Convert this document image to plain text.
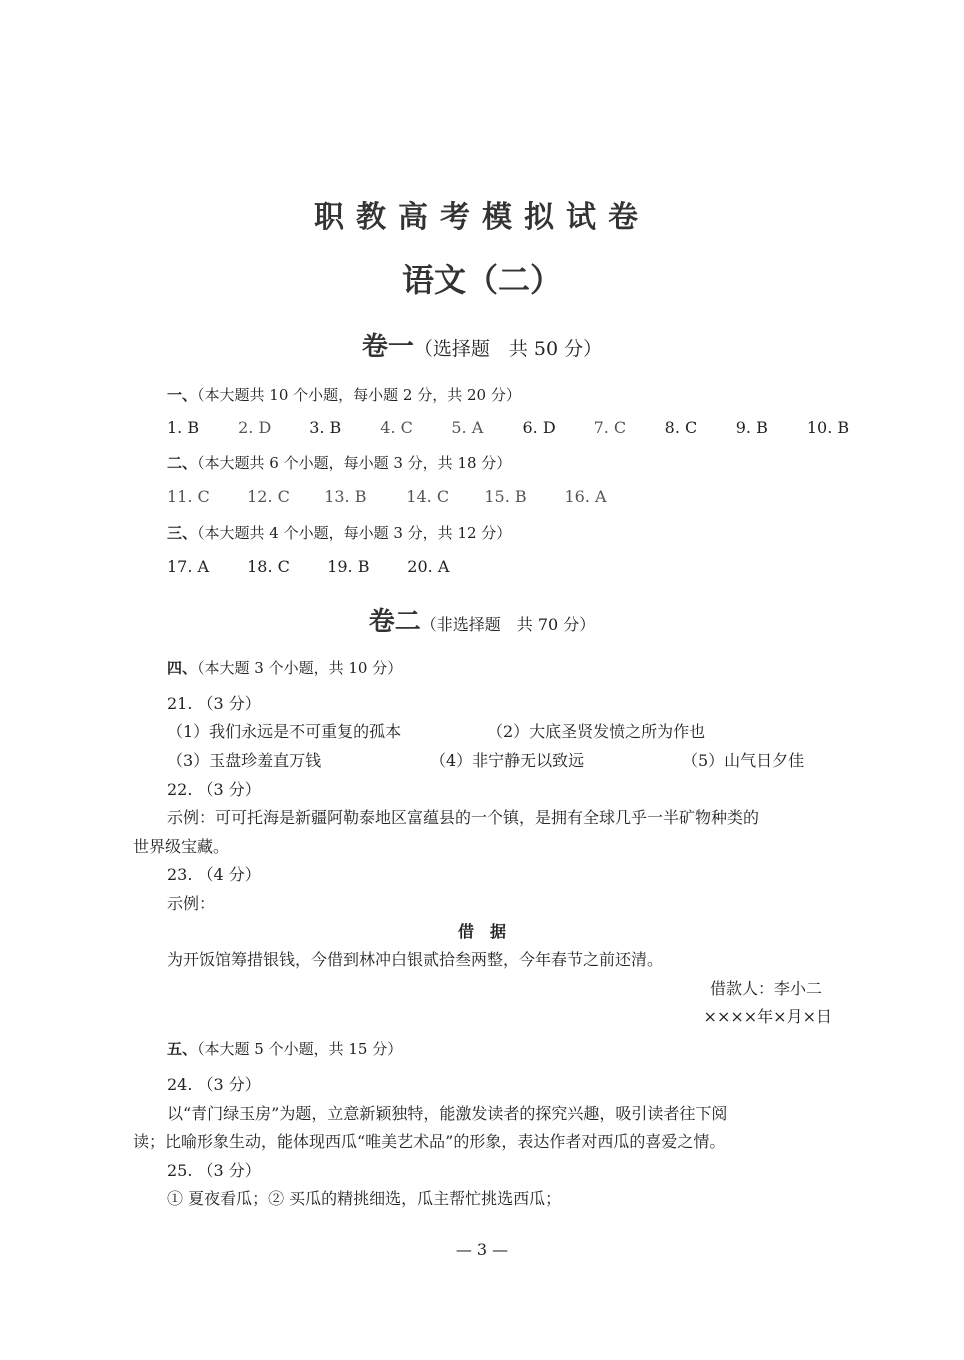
职教高考模拟试卷
语文（二）
卷一（选择题　共 50 分）
一、（本大题共 10 个小题，每小题 2 分，共 20 分）
1. B 2. D 3. B 4. C 5. A 6. D 7. C 8. C 9. B 10. B
二、（本大题共 6 个小题，每小题 3 分，共 18 分）
11. C 12. C 13. B 14. C 15. B 16. A
三、（本大题共 4 个小题，每小题 3 分，共 12 分）
17. A 18. C 19. B 20. A
卷二（非选择题　共 70 分）
四、（本大题 3 个小题，共 10 分）
21. （3 分）
（1）我们永远是不可重复的孤本	（2）大底圣贤发愤之所为作也
（3）玉盘珍羞直万钱	（4）非宁静无以致远	（5）山气日夕佳
22. （3 分）
示例：可可托海是新疆阿勒泰地区富蕴县的一个镇，是拥有全球几乎一半矿物种类的
世界级宝藏。
23. （4 分）
示例：
借　据
为开饭馆筹措银钱，今借到林冲白银贰拾叁两整，今年春节之前还清。
借款人：李小二
××××年×月×日
五、（本大题 5 个小题，共 15 分）
24. （3 分）
以“青门绿玉房”为题，立意新颖独特，能激发读者的探究兴趣，吸引读者往下阅
读；比喻形象生动，能体现西瓜“唯美艺术品”的形象，表达作者对西瓜的喜爱之情。
25. （3 分）
① 夏夜看瓜；② 买瓜的精挑细选，瓜主帮忙挑选西瓜；
— 3 —
